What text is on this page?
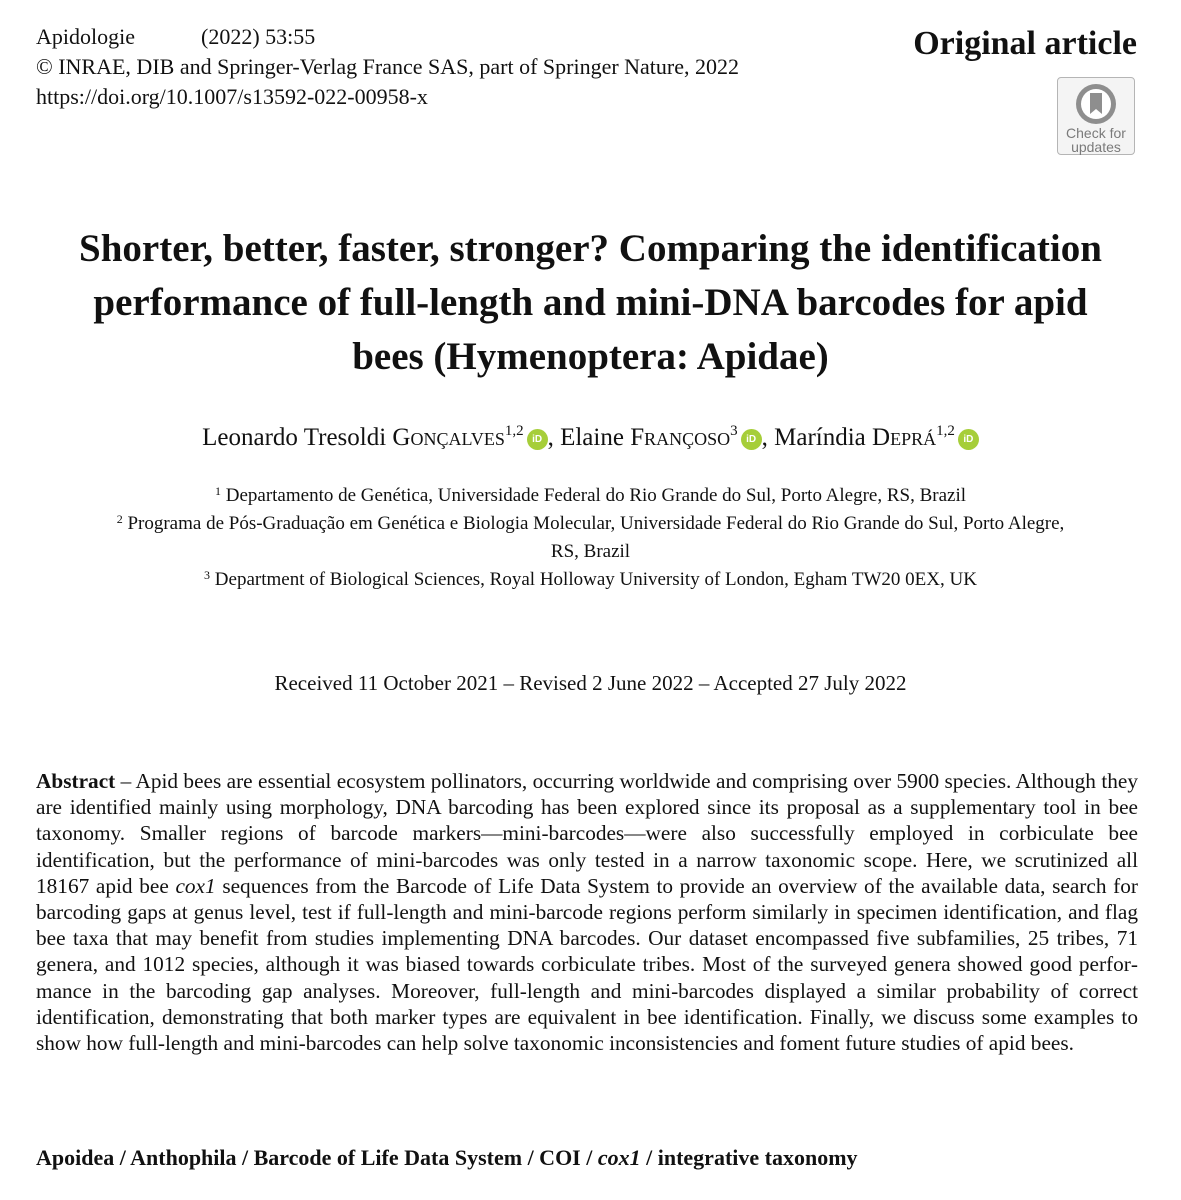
Apidologie	(2022) 53:55
© INRAE, DIB and Springer-Verlag France SAS, part of Springer Nature, 2022
https://doi.org/10.1007/s13592-022-00958-x
Original article
Check for
updates
Shorter, better, faster, stronger? Comparing the identification
performance of full-length and mini-DNA barcodes for apid
bees (Hymenoptera: Apidae)
Leonardo Tresoldi Gonçalves$^{1,2}$iD , Elaine Françoso$^3$iD , Maríndia Deprá$^{1,2}$iD
$^1$ Departamento de Genética, Universidade Federal do Rio Grande do Sul, Porto Alegre, RS, Brazil
$^2$ Programa de Pós-Graduação em Genética e Biologia Molecular, Universidade Federal do Rio Grande do Sul, Porto Alegre,
RS, Brazil
$^3$ Department of Biological Sciences, Royal Holloway University of London, Egham TW20 0EX, UK
Received 11 October 2021 – Revised 2 June 2022 – Accepted 27 July 2022

Abstract – Apid bees are essential ecosystem pollinators, occurring worldwide and comprising over 5900 species. Although they are identified mainly using morphology, DNA barcoding has been explored since its proposal as a supplementary tool in bee taxonomy. Smaller regions of barcode markers—mini-barcodes—were also successfully employed in corbiculate bee identification, but the performance of mini-barcodes was only tested in a narrow taxonomic scope. Here, we scrutinized all 18167 apid bee cox1 sequences from the Barcode of Life Data System to provide an overview of the available data, search for barcoding gaps at genus level, test if full-length and mini-barcode regions perform similarly in specimen identification, and flag bee taxa that may benefit from studies implementing DNA barcodes. Our dataset encompassed five subfamilies, 25 tribes, 71 genera, and 1012 species, although it was biased towards corbiculate tribes. Most of the surveyed genera showed good performance in the barcoding gap analyses. Moreover, full-length and mini-barcodes displayed a similar probability of correct identification, demonstrating that both marker types are equivalent in bee identification. Finally, we discuss some examples to show how full-length and mini-barcodes can help solve taxonomic inconsistencies and foment future studies of apid bees.

Apoidea / Anthophila / Barcode of Life Data System / COI / cox1 / integrative taxonomy
